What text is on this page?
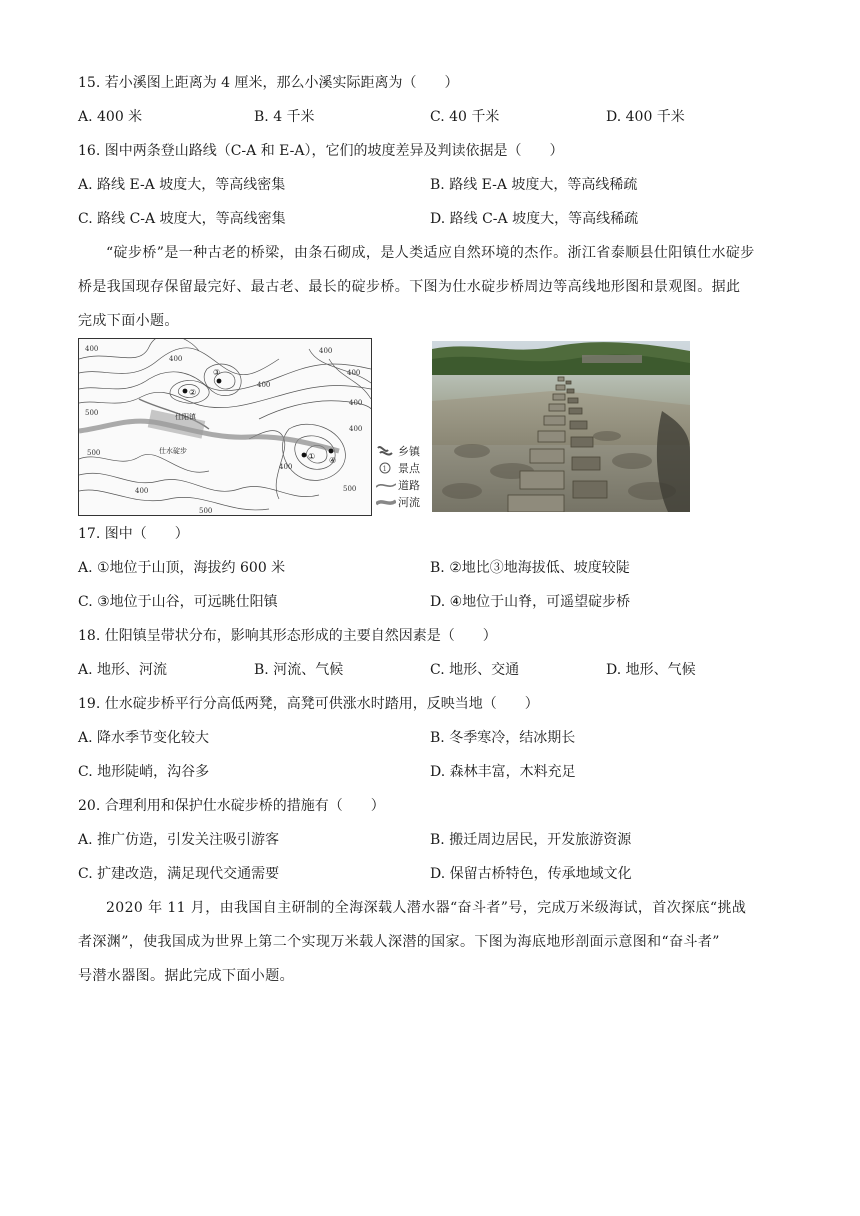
15. 若小溪图上距离为 4 厘米，那么小溪实际距离为（　　）
A. 400 米	B. 4 千米	C. 40 千米	D. 400 千米
16. 图中两条登山路线（C-A 和 E-A），它们的坡度差异及判读依据是（　　）
A. 路线 E-A 坡度大，等高线密集	B. 路线 E-A 坡度大，等高线稀疏
C. 路线 C-A 坡度大，等高线密集	D. 路线 C-A 坡度大，等高线稀疏
“碇步桥”是一种古老的桥梁，由条石砌成，是人类适应自然环境的杰作。浙江省泰顺县仕阳镇仕水碇步
桥是我国现存保留最完好、最古老、最长的碇步桥。下图为仕水碇步桥周边等高线地形图和景观图。据此
完成下面小题。
400
400
400
500
400
400
400
400
400	500
500
400
500
②
③
① ④
仕阳镇
仕水碇步	乡镇
1 景点
道路
河流
17. 图中（　　）
A. ①地位于山顶，海拔约 600 米	B. ②地比③地海拔低、坡度较陡
C. ③地位于山谷，可远眺仕阳镇	D. ④地位于山脊，可遥望碇步桥
18. 仕阳镇呈带状分布，影响其形态形成的主要自然因素是（　　）
A. 地形、河流	B. 河流、气候	C. 地形、交通	D. 地形、气候
19. 仕水碇步桥平行分高低两凳，高凳可供涨水时踏用，反映当地（　　）
A. 降水季节变化较大	B. 冬季寒冷，结冰期长
C. 地形陡峭，沟谷多	D. 森林丰富，木料充足
20. 合理利用和保护仕水碇步桥的措施有（　　）
A. 推广仿造，引发关注吸引游客	B. 搬迁周边居民，开发旅游资源
C. 扩建改造，满足现代交通需要	D. 保留古桥特色，传承地域文化
2020 年 11 月，由我国自主研制的全海深载人潜水器“奋斗者”号，完成万米级海试，首次探底“挑战
者深渊”，使我国成为世界上第二个实现万米载人深潜的国家。下图为海底地形剖面示意图和“奋斗者”
号潜水器图。据此完成下面小题。
